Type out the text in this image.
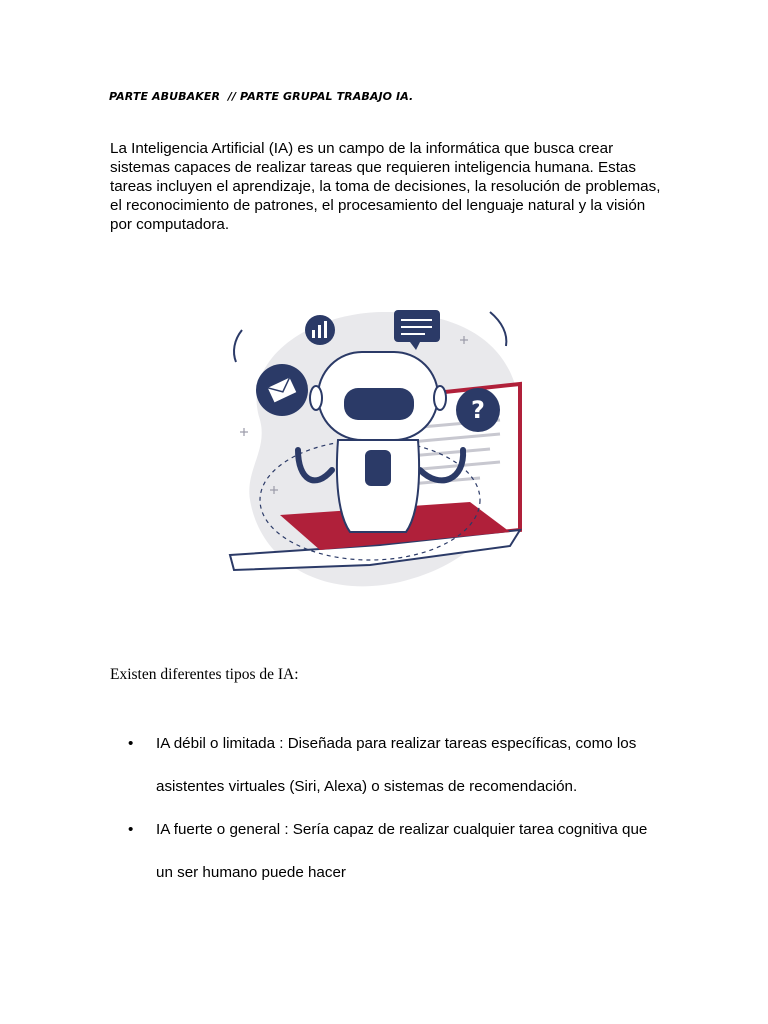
PARTE ABUBAKER  // PARTE GRUPAL TRABAJO IA.
La Inteligencia Artificial (IA) es un campo de la informática que busca crear sistemas capaces de realizar tareas que requieren inteligencia humana. Estas tareas incluyen el aprendizaje, la toma de decisiones, la resolución de problemas, el reconocimiento de patrones, el procesamiento del lenguaje natural y la visión por computadora.
?
Existen diferentes tipos de IA:
• IA débil o limitada : Diseñada para realizar tareas específicas, como los
asistentes virtuales (Siri, Alexa) o sistemas de recomendación.
• IA fuerte o general : Sería capaz de realizar cualquier tarea cognitiva que
un ser humano puede hacer
